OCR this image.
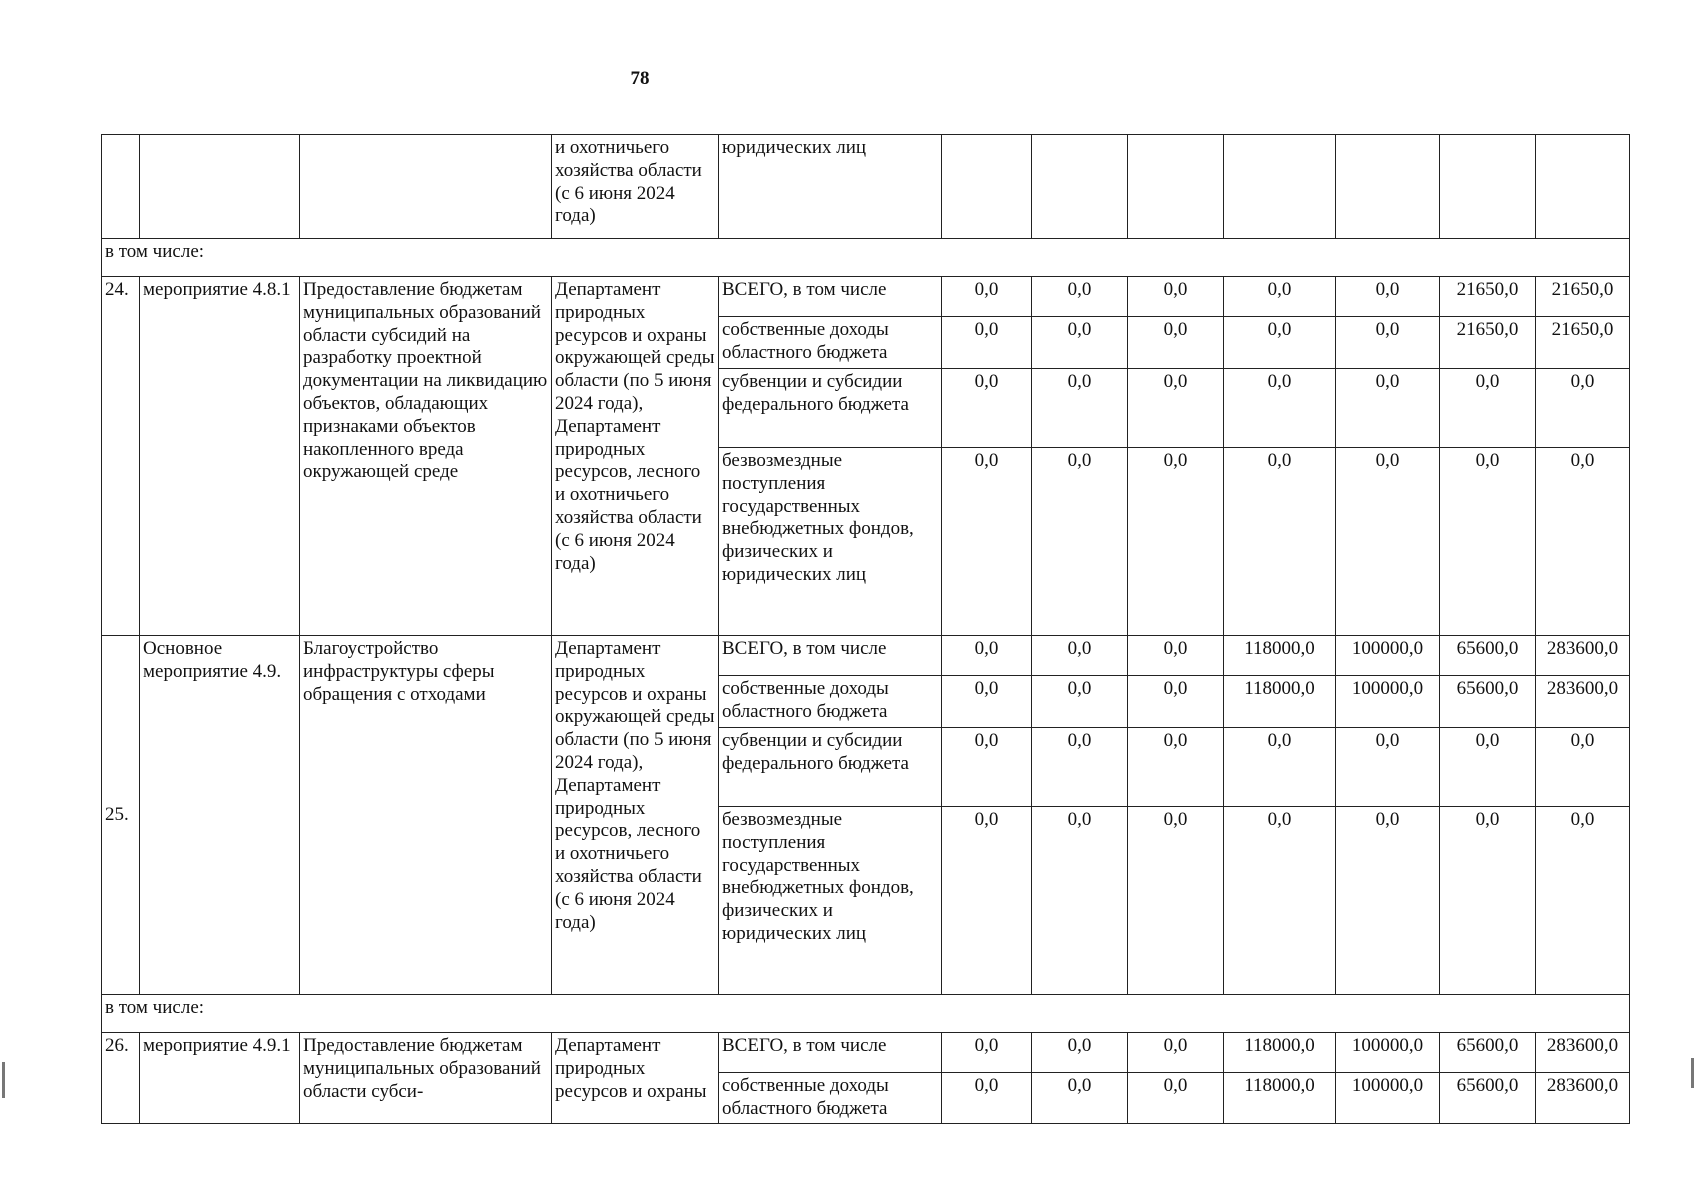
78
			и охотничьего хозяйства области (с 6 июня 2024 года)	юридических лиц							
в том числе:											
24.	мероприятие 4.8.1	Предоставление бюджетам муниципальных образований области субсидий на разработку проектной документации на ликвидацию объектов, обладающих признаками объектов накопленного вреда окружающей среде	Департамент природных ресурсов и охраны окружающей среды области (по 5 июня 2024 года), Департамент природных ресурсов, лесного и охотничьего хозяйства области (с 6 июня 2024 года)	ВСЕГО, в том числе	0,0	0,0	0,0	0,0	0,0	21650,0	21650,0
				собственные доходы областного бюджета	0,0	0,0	0,0	0,0	0,0	21650,0	21650,0
				субвенции и субсидии федерального бюджета	0,0	0,0	0,0	0,0	0,0	0,0	0,0
				безвозмездные поступления государственных внебюджетных фондов, физических и юридических лиц	0,0	0,0	0,0	0,0	0,0	0,0	0,0
25.	Основное мероприятие 4.9.	Благоустройство инфраструктуры сферы обращения с отходами	Департамент природных ресурсов и охраны окружающей среды области (по 5 июня 2024 года), Департамент природных ресурсов, лесного и охотничьего хозяйства области (с 6 июня 2024 года)	ВСЕГО, в том числе	0,0	0,0	0,0	118000,0	100000,0	65600,0	283600,0
				собственные доходы областного бюджета	0,0	0,0	0,0	118000,0	100000,0	65600,0	283600,0
				субвенции и субсидии федерального бюджета	0,0	0,0	0,0	0,0	0,0	0,0	0,0
				безвозмездные поступления государственных внебюджетных фондов, физических и юридических лиц	0,0	0,0	0,0	0,0	0,0	0,0	0,0
в том числе:											
26.	мероприятие 4.9.1	Предоставление бюджетам муниципальных образований области субси-	Департамент природных ресурсов и охраны	ВСЕГО, в том числе	0,0	0,0	0,0	118000,0	100000,0	65600,0	283600,0
				собственные доходы областного бюджета	0,0	0,0	0,0	118000,0	100000,0	65600,0	283600,0
